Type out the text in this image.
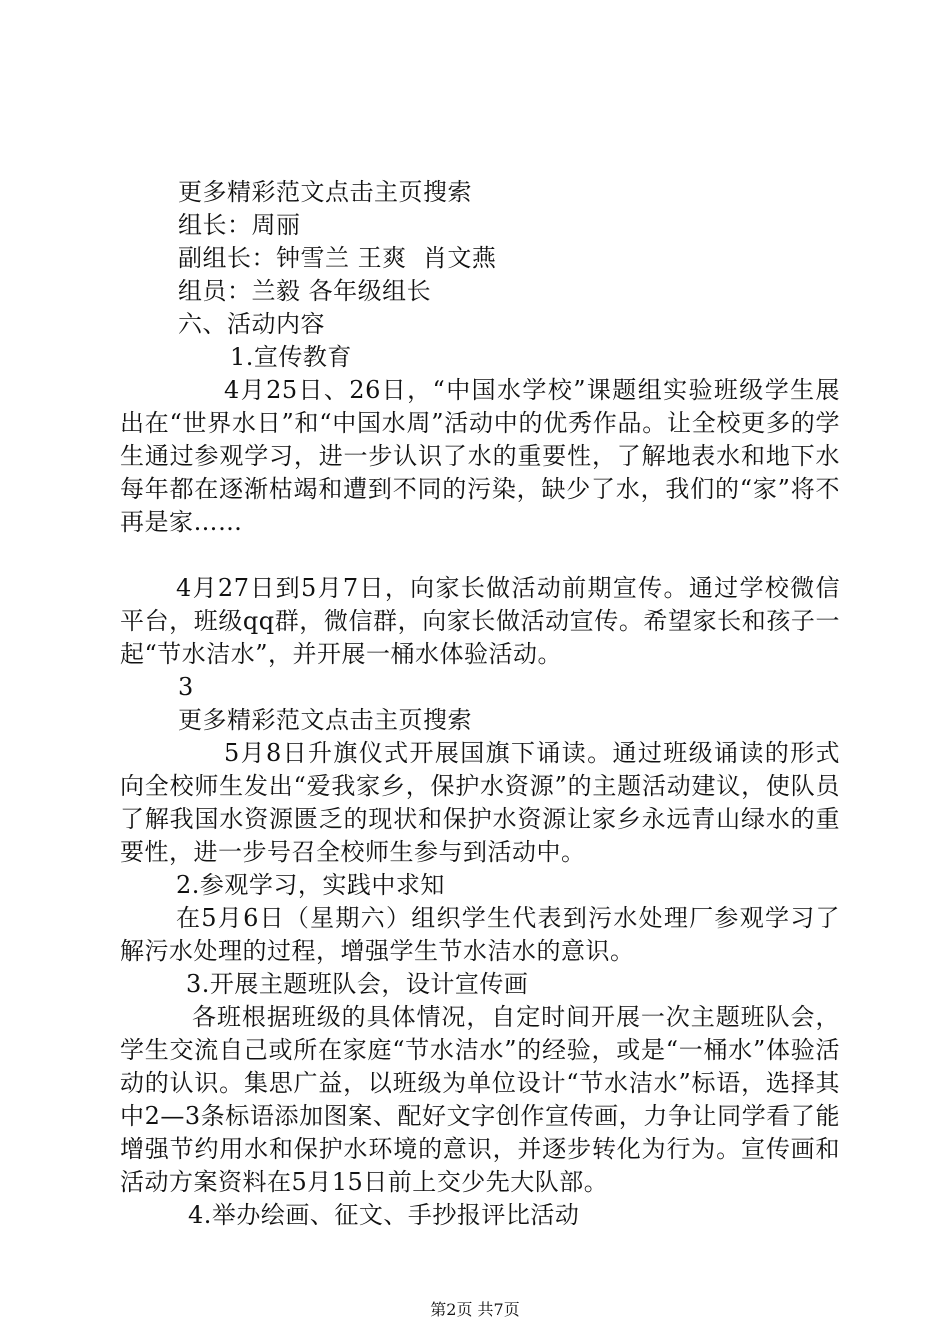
更多精彩范文点击主页搜索
组长：周丽
副组长：钟雪兰 王爽  肖文燕
组员：兰毅 各年级组长
六、活动内容
1.宣传教育
4月25日、26日，“中国水学校”课题组实验班级学生展出在“世界水日”和“中国水周”活动中的优秀作品。让全校更多的学生通过参观学习，进一步认识了水的重要性，了解地表水和地下水每年都在逐渐枯竭和遭到不同的污染，缺少了水，我们的“家”将不再是家……
4月27日到5月7日，向家长做活动前期宣传。通过学校微信平台，班级qq群，微信群，向家长做活动宣传。希望家长和孩子一起“节水洁水”，并开展一桶水体验活动。
3
更多精彩范文点击主页搜索
5月8日升旗仪式开展国旗下诵读。通过班级诵读的形式向全校师生发出“爱我家乡，保护水资源”的主题活动建议，使队员了解我国水资源匮乏的现状和保护水资源让家乡永远青山绿水的重要性，进一步号召全校师生参与到活动中。
2.参观学习，实践中求知
在5月6日（星期六）组织学生代表到污水处理厂参观学习了解污水处理的过程，增强学生节水洁水的意识。
3.开展主题班队会，设计宣传画
各班根据班级的具体情况，自定时间开展一次主题班队会，学生交流自己或所在家庭“节水洁水”的经验，或是“一桶水”体验活动的认识。集思广益，以班级为单位设计“节水洁水”标语，选择其中2—3条标语添加图案、配好文字创作宣传画，力争让同学看了能增强节约用水和保护水环境的意识，并逐步转化为行为。宣传画和活动方案资料在5月15日前上交少先大队部。
4.举办绘画、征文、手抄报评比活动
第2页 共7页
